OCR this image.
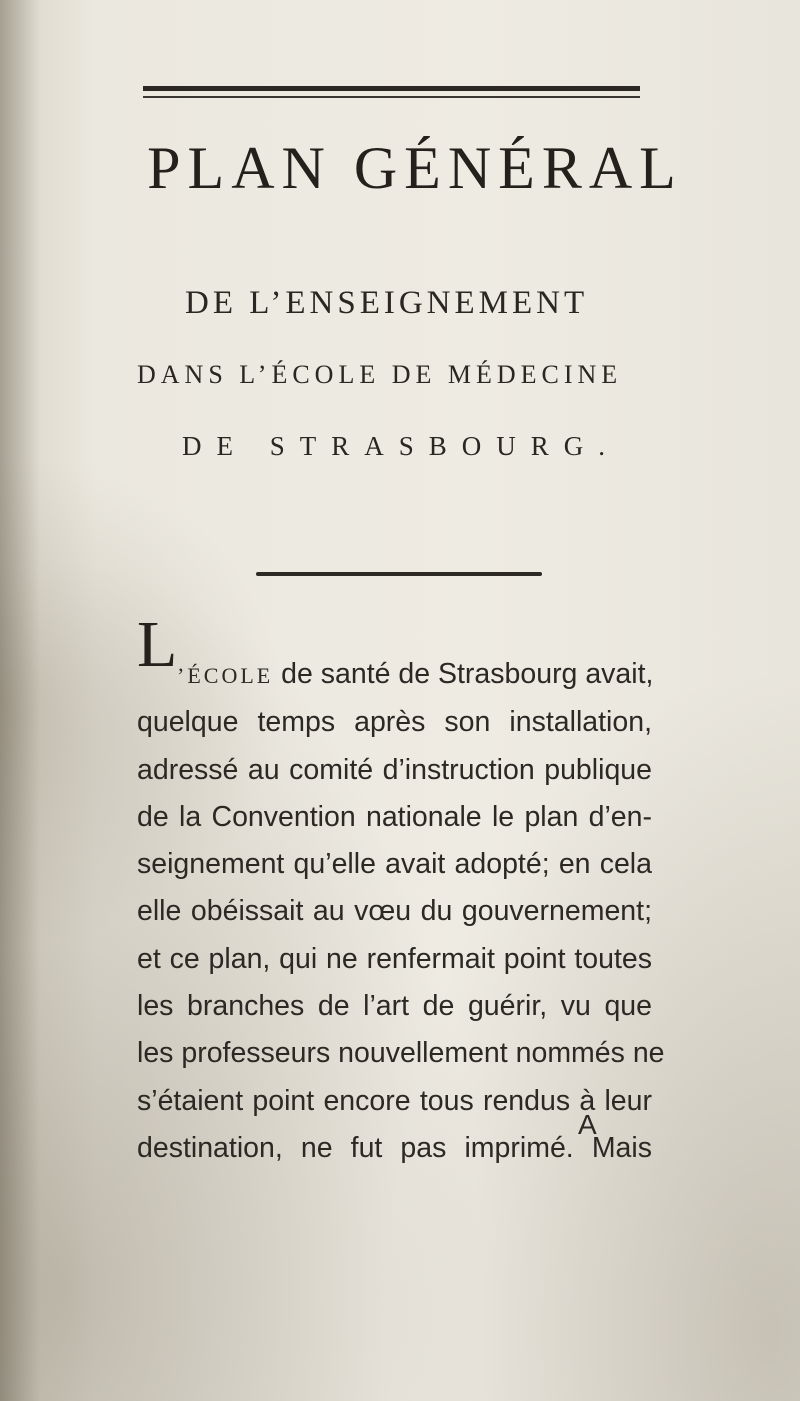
PLAN GÉNÉRAL
DE L’ENSEIGNEMENT
DANS L’ÉCOLE DE MÉDECINE
DE STRASBOURG.
L ’ÉCOLE de santé de Strasbourg avait,
quelque temps après son installation,
adressé au comité d’instruction publique
de la Convention nationale le plan d’en-
seignement qu’elle avait adopté; en cela
elle obéissait au vœu du gouvernement;
et ce plan, qui ne renfermait point toutes
les branches de l’art de guérir, vu que
les professeurs nouvellement nommés ne
s’étaient point encore tous rendus à leur
destination, ne fut pas imprimé. Mais
A
